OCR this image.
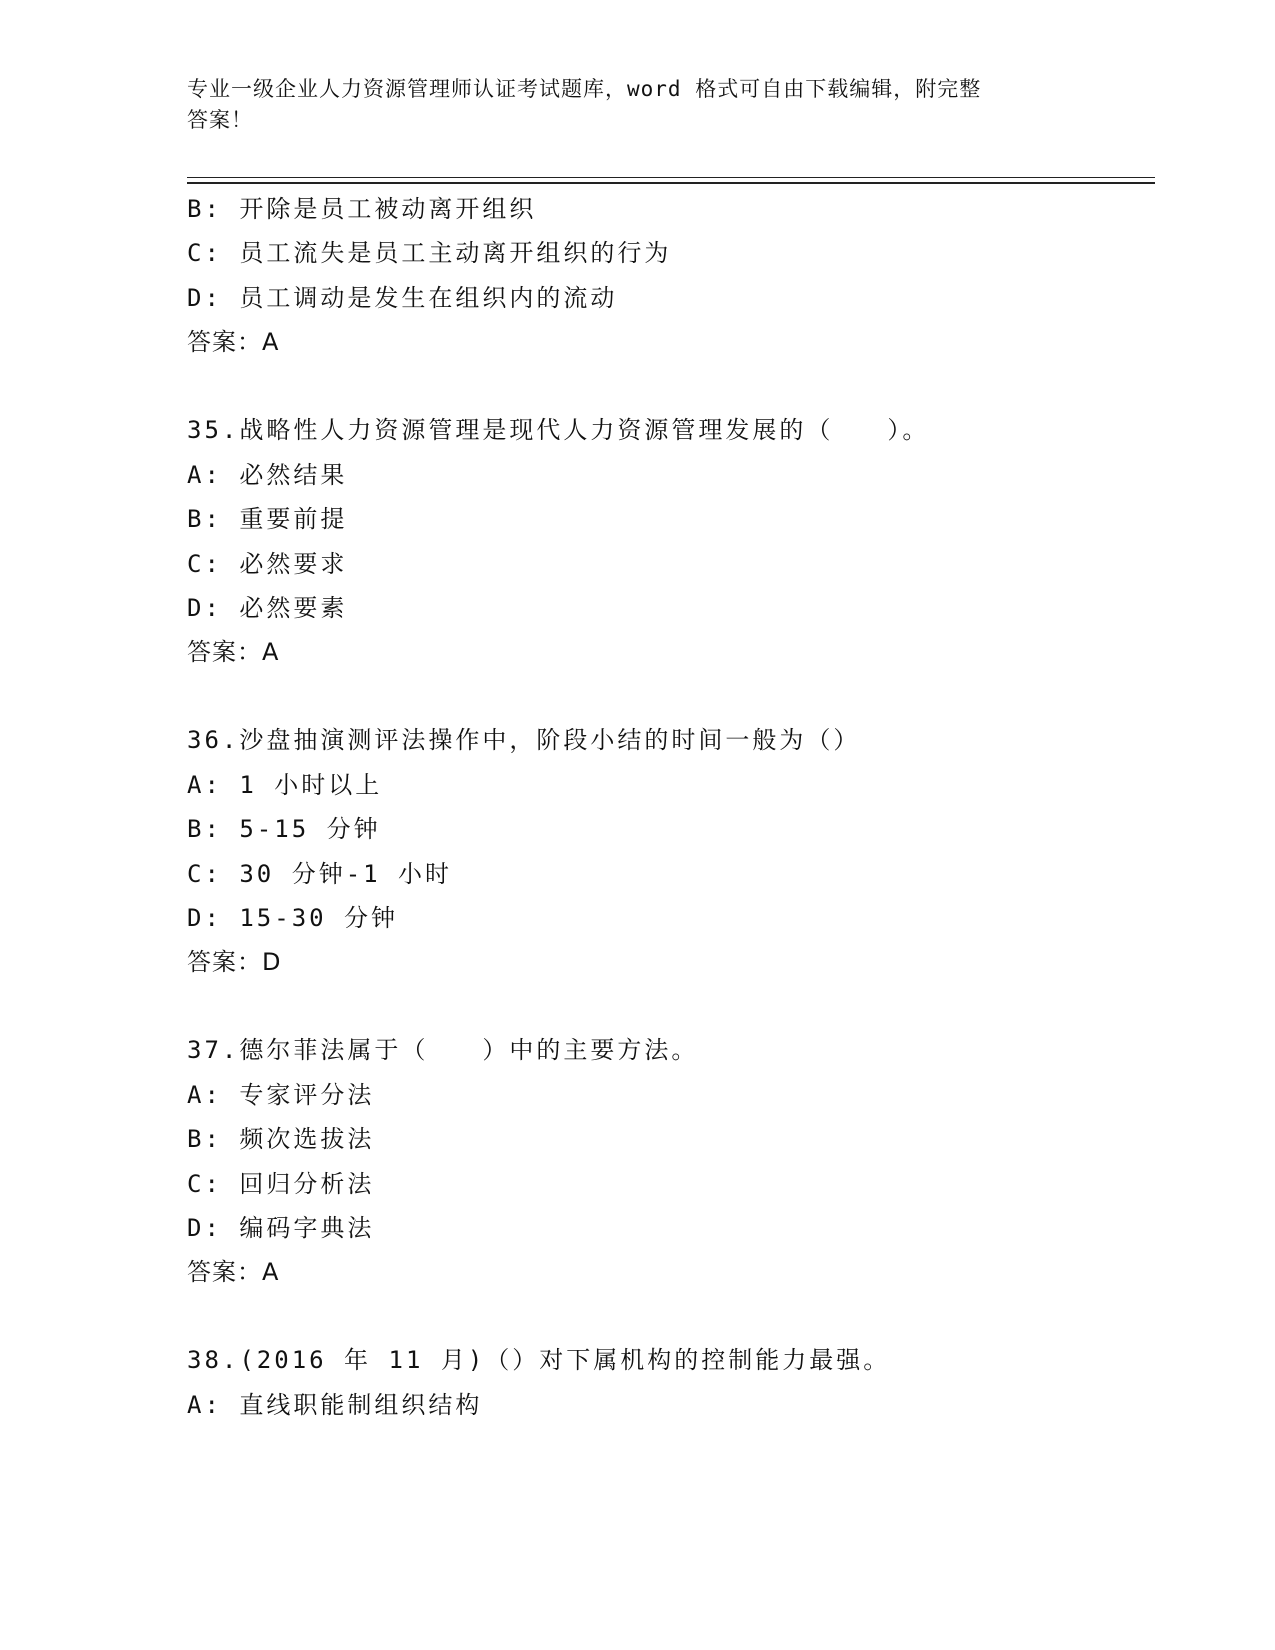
专业一级企业人力资源管理师认证考试题库，word 格式可自由下载编辑，附完整
答案！
B: 开除是员工被动离开组织
C: 员工流失是员工主动离开组织的行为
D: 员工调动是发生在组织内的流动
答案：A
35.战略性人力资源管理是现代人力资源管理发展的（　　）。
A: 必然结果
B: 重要前提
C: 必然要求
D: 必然要素
答案：A
36.沙盘抽演测评法操作中，阶段小结的时间一般为（）
A: 1 小时以上
B: 5-15 分钟
C: 30 分钟-1 小时
D: 15-30 分钟
答案：D
37.德尔菲法属于（　　）中的主要方法。
A: 专家评分法
B: 频次选拔法
C: 回归分析法
D: 编码字典法
答案：A
38.(2016 年 11 月)（）对下属机构的控制能力最强。
A: 直线职能制组织结构
